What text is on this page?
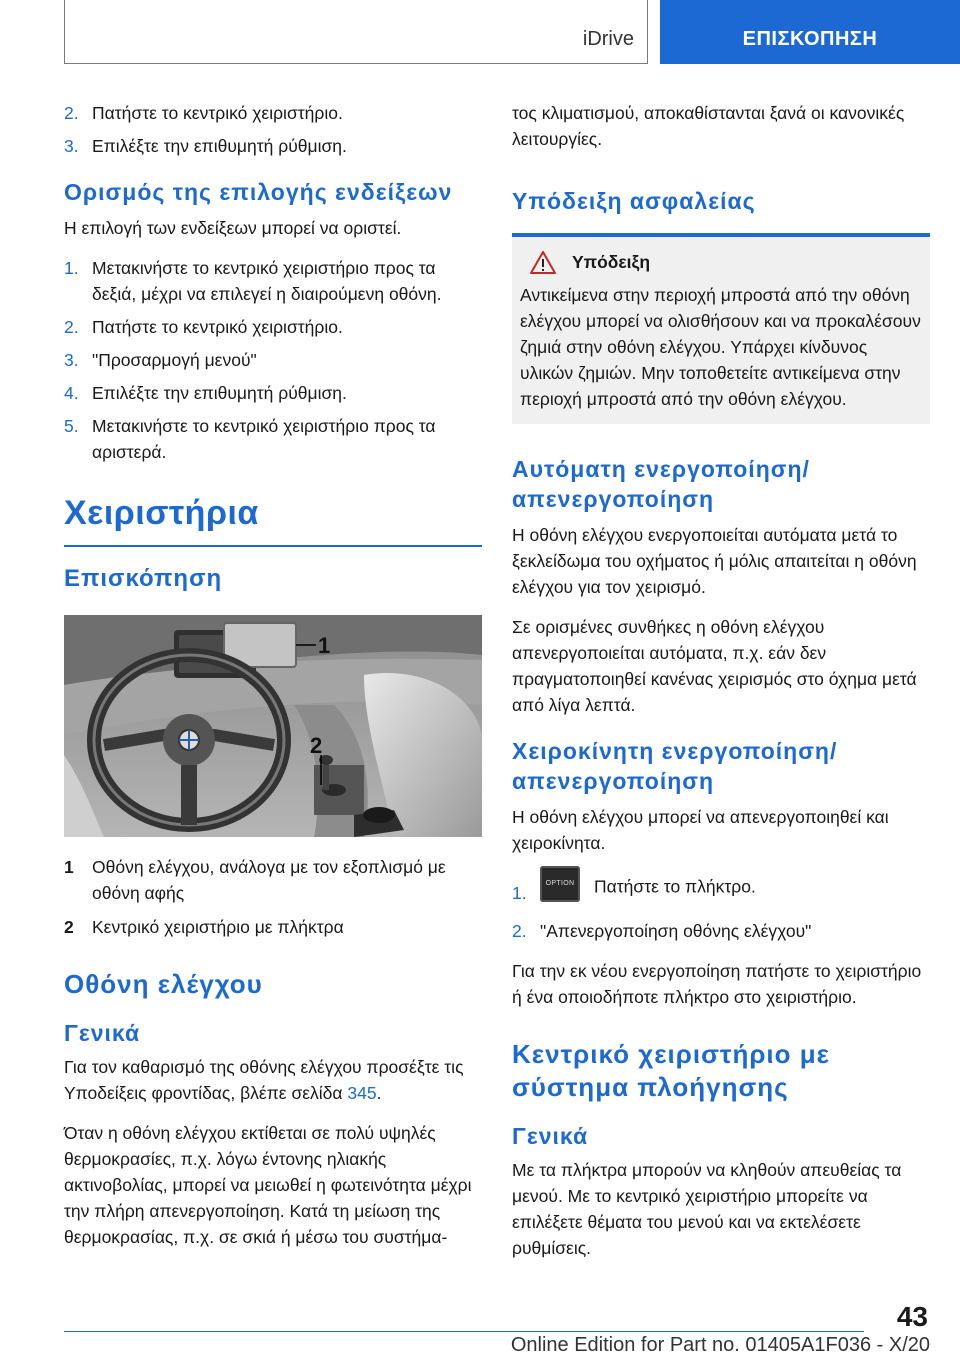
iDrive	ΕΠΙΣΚΟΠΗΣΗ
2. Πατήστε το κεντρικό χειριστήριο.
3. Επιλέξτε την επιθυμητή ρύθμιση.
Ορισμός της επιλογής ενδείξεων

Η επιλογή των ενδείξεων μπορεί να οριστεί.

1. Μετακινήστε το κεντρικό χειριστήριο προς τα δεξιά, μέχρι να επιλεγεί η διαιρούμενη οθόνη.
2. Πατήστε το κεντρικό χειριστήριο.
3. "Προσαρμογή μενού"
4. Επιλέξτε την επιθυμητή ρύθμιση.
5. Μετακινήστε το κεντρικό χειριστήριο προς τα αριστερά.
Χειριστήρια
Επισκόπηση
1
2
1	Οθόνη ελέγχου, ανάλογα με τον εξοπλισμό με οθόνη αφής
2	Κεντρικό χειριστήριο με πλήκτρα
Οθόνη ελέγχου
Γενικά

Για τον καθαρισμό της οθόνης ελέγχου προσέξτε τις Υποδείξεις φροντίδας, βλέπε σελίδα 345.

Όταν η οθόνη ελέγχου εκτίθεται σε πολύ υψηλές θερμοκρασίες, π.χ. λόγω έντονης ηλιακής ακτινοβολίας, μπορεί να μειωθεί η φωτεινότητα μέχρι την πλήρη απενεργοποίηση. Κατά τη μείωση της θερμοκρασίας, π.χ. σε σκιά ή μέσω του συστήμα-

τος κλιματισμού, αποκαθίστανται ξανά οι κανονικές λειτουργίες.

Υπόδειξη ασφαλείας
Υπόδειξη

Αντικείμενα στην περιοχή μπροστά από την οθόνη ελέγχου μπορεί να ολισθήσουν και να προκαλέσουν ζημιά στην οθόνη ελέγχου. Υπάρχει κίνδυνος υλικών ζημιών. Μην τοποθετείτε αντικείμενα στην περιοχή μπροστά από την οθόνη ελέγχου.

Αυτόματη ενεργοποίηση/απενεργοποίηση

Η οθόνη ελέγχου ενεργοποιείται αυτόματα μετά το ξεκλείδωμα του οχήματος ή μόλις απαιτείται η οθόνη ελέγχου για τον χειρισμό.

Σε ορισμένες συνθήκες η οθόνη ελέγχου απενεργοποιείται αυτόματα, π.χ. εάν δεν πραγματοποιηθεί κανένας χειρισμός στο όχημα μετά από λίγα λεπτά.

Χειροκίνητη ενεργοποίηση/απενεργοποίηση

Η οθόνη ελέγχου μπορεί να απενεργοποιηθεί και χειροκίνητα.

1.	OPTION Πατήστε το πλήκτρο.
2. "Απενεργοποίηση οθόνης ελέγχου"

Για την εκ νέου ενεργοποίηση πατήστε το χειριστήριο ή ένα οποιοδήποτε πλήκτρο στο χειριστήριο.

Κεντρικό χειριστήριο με σύστημα πλοήγησης
Γενικά

Με τα πλήκτρα μπορούν να κληθούν απευθείας τα μενού. Με το κεντρικό χειριστήριο μπορείτε να επιλέξετε θέματα του μενού και να εκτελέσετε ρυθμίσεις.

43
Online Edition for Part no. 01405A1F036 - X/20
